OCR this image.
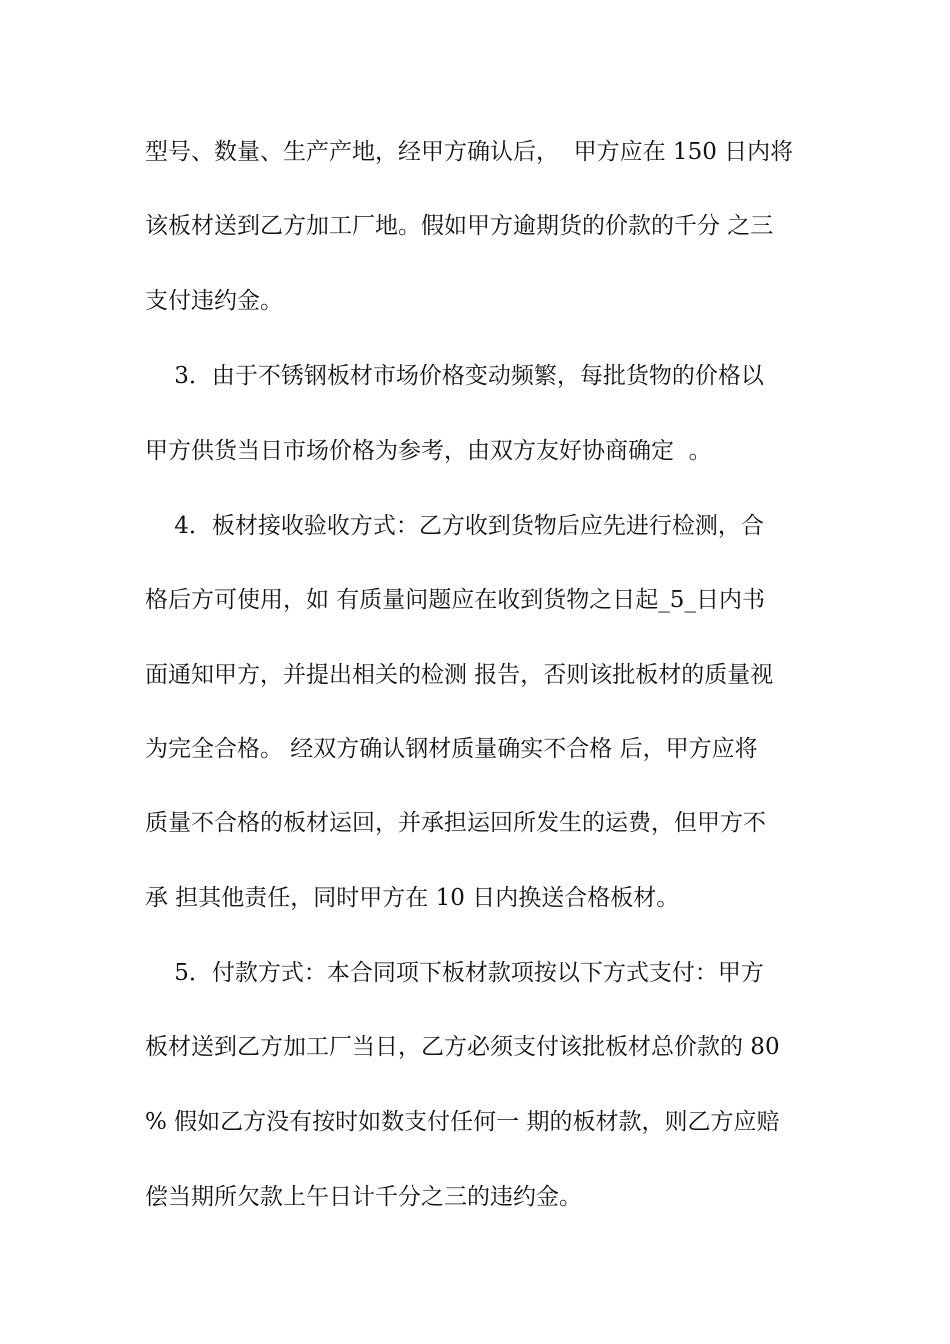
型号、数量、生产产地，经甲方确认后，  甲方应在 150 日内将
该板材送到乙方加工厂地。假如甲方逾期货的价款的千分 之三
支付违约金。
3．由于不锈钢板材市场价格变动频繁，每批货物的价格以
甲方供货当日市场价格为参考，由双方友好协商确定  。
4．板材接收验收方式：乙方收到货物后应先进行检测，合
格后方可使用，如 有质量问题应在收到货物之日起_5_日内书
面通知甲方，并提出相关的检测 报告，否则该批板材的质量视
为完全合格。 经双方确认钢材质量确实不合格 后，甲方应将
质量不合格的板材运回，并承担运回所发生的运费，但甲方不
承 担其他责任，同时甲方在 10 日内换送合格板材。
5．付款方式：本合同项下板材款项按以下方式支付：甲方
板材送到乙方加工厂当日，乙方必须支付该批板材总价款的 80
% 假如乙方没有按时如数支付任何一 期的板材款，则乙方应赔
偿当期所欠款上午日计千分之三的违约金。
